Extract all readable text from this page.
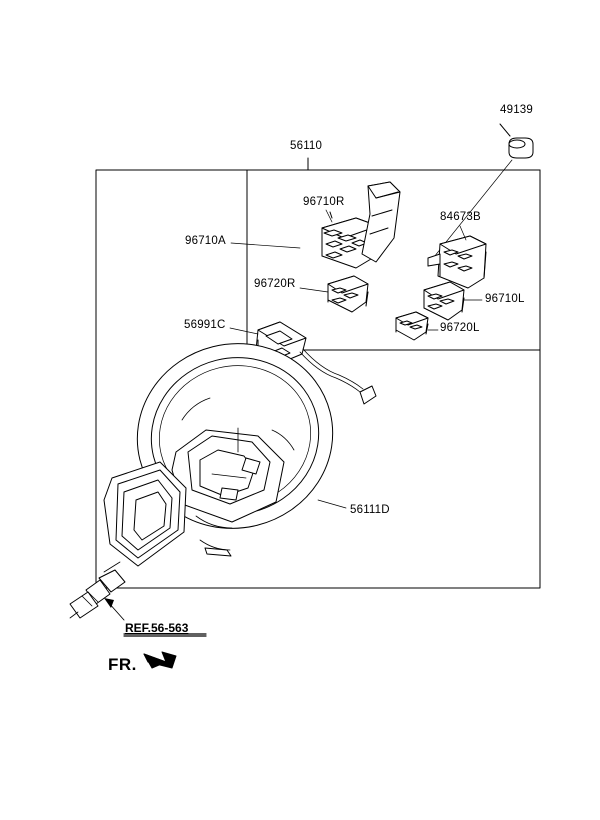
49139
56110
96710R
84673B
96710A
96720R
96710L
96720L
56991C
56111D
REF.56-563
FR.
